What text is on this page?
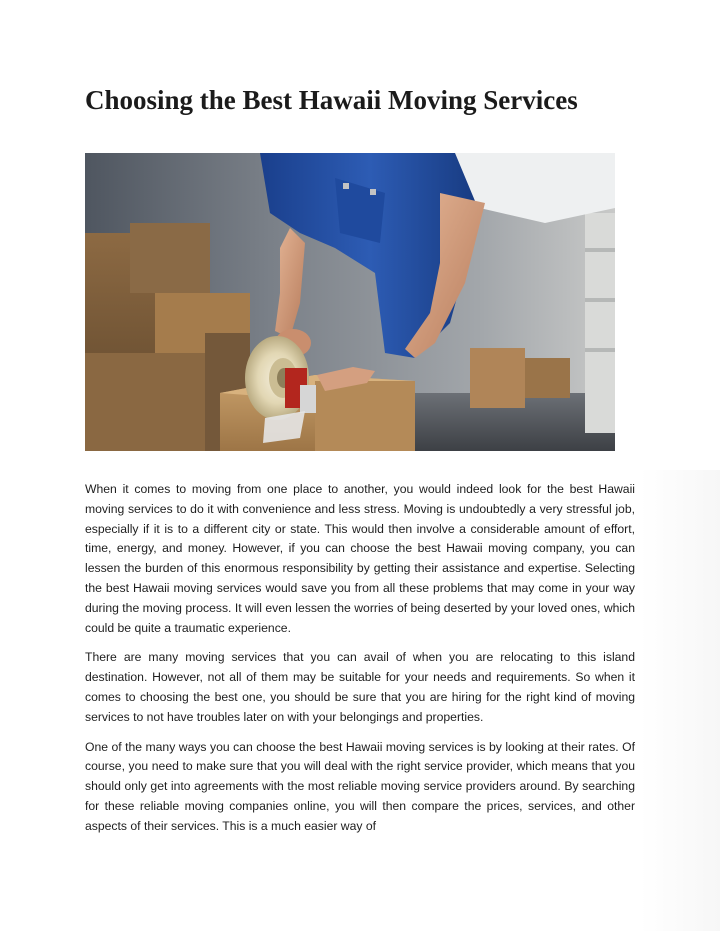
Choosing the Best Hawaii Moving Services

When it comes to moving from one place to another, you would indeed look for the best Hawaii moving services to do it with convenience and less stress. Moving is undoubtedly a very stressful job, especially if it is to a different city or state. This would then involve a considerable amount of effort, time, energy, and money. However, if you can choose the best Hawaii moving company, you can lessen the burden of this enormous responsibility by getting their assistance and expertise. Selecting the best Hawaii moving services would save you from all these problems that may come in your way during the moving process. It will even lessen the worries of being deserted by your loved ones, which could be quite a traumatic experience.

There are many moving services that you can avail of when you are relocating to this island destination. However, not all of them may be suitable for your needs and requirements. So when it comes to choosing the best one, you should be sure that you are hiring for the right kind of moving services to not have troubles later on with your belongings and properties.

One of the many ways you can choose the best Hawaii moving services is by looking at their rates. Of course, you need to make sure that you will deal with the right service provider, which means that you should only get into agreements with the most reliable moving service providers around. By searching for these reliable moving companies online, you will then compare the prices, services, and other aspects of their services. This is a much easier way of
